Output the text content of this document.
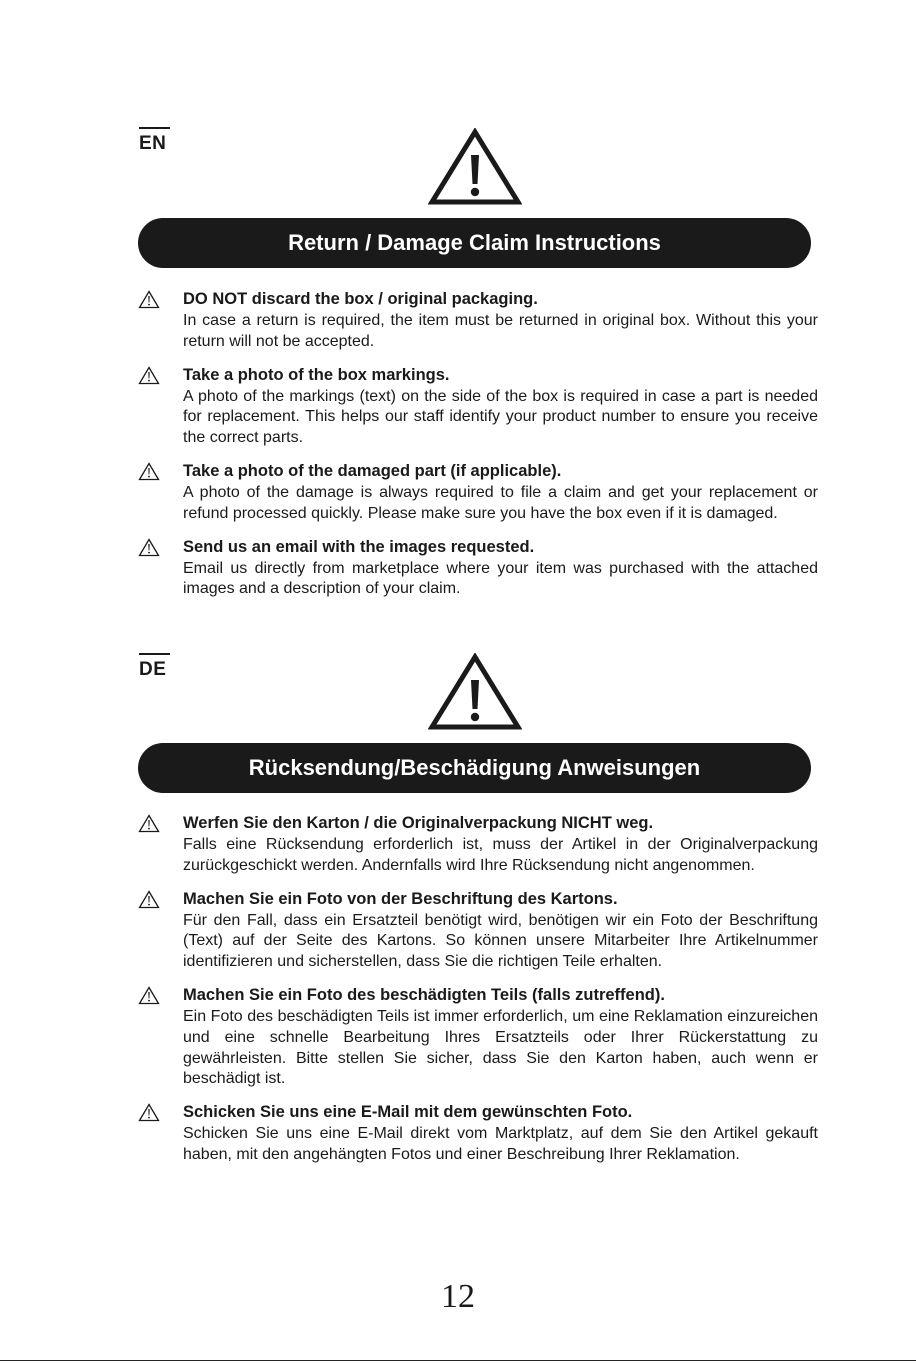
EN
Return / Damage Claim Instructions
DO NOT discard the box / original packaging.

In case a return is required, the item must be returned in original box. Without this your return will not be accepted.

Take a photo of the box markings.

A photo of the markings (text) on the side of the box is required in case a part is needed for replacement. This helps our staff identify your product number to ensure you receive the correct parts.

Take a photo of the damaged part (if applicable).

A photo of the damage is always required to file a claim and get your replacement or refund processed quickly. Please make sure you have the box even if it is damaged.

Send us an email with the images requested.

Email us directly from marketplace where your item was purchased with the attached images and a description of your claim.

DE
Rücksendung/Beschädigung Anweisungen
Werfen Sie den Karton / die Originalverpackung NICHT weg.

Falls eine Rücksendung erforderlich ist, muss der Artikel in der Originalverpackung zurückgeschickt werden. Andernfalls wird Ihre Rücksendung nicht angenommen.

Machen Sie ein Foto von der Beschriftung des Kartons.

Für den Fall, dass ein Ersatzteil benötigt wird, benötigen wir ein Foto der Beschriftung (Text) auf der Seite des Kartons. So können unsere Mitarbeiter Ihre Artikelnummer identifizieren und sicherstellen, dass Sie die richtigen Teile erhalten.

Machen Sie ein Foto des beschädigten Teils (falls zutreffend).

Ein Foto des beschädigten Teils ist immer erforderlich, um eine Reklamation einzureichen und eine schnelle Bearbeitung Ihres Ersatzteils oder Ihrer Rückerstattung zu gewährleisten. Bitte stellen Sie sicher, dass Sie den Karton haben, auch wenn er beschädigt ist.

Schicken Sie uns eine E-Mail mit dem gewünschten Foto.

Schicken Sie uns eine E-Mail direkt vom Marktplatz, auf dem Sie den Artikel gekauft haben, mit den angehängten Fotos und einer Beschreibung Ihrer Reklamation.

12
